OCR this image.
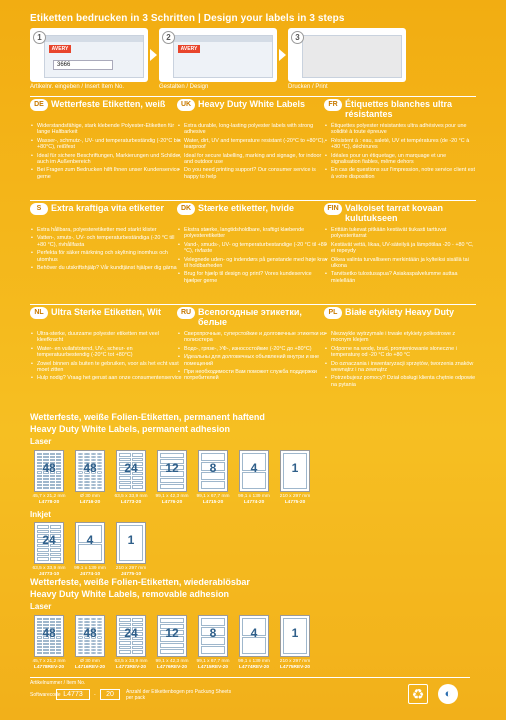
Etiketten bedrucken in 3 Schritten | Design your labels in 3 steps
1
AVERY
3666
2
AVERY
3
Artikelnr. eingeben / Insert Item No.	Gestalten / Design	Drucken / Print
DE Wetterfeste Etiketten, weiß
• Widerstandsfähige, stark klebende Polyester-Etiketten für lange Haltbarkeit
• Wasser-, schmutz-, UV- und temperaturbeständig (-20°C bis +80°C), reißfest
• Ideal für sichere Beschriftungen, Markierungen und Schilder, auch im Außenbereich
• Bei Fragen zum Bedrucken hilft Ihnen unser Kundenservice gerne
UK Heavy Duty White Labels
• Extra durable, long-lasting polyester labels with strong adhesive
• Water, dirt, UV and temperature resistant (-20°C to +80°C), tearproof
• Ideal for secure labelling, marking and signage, for indoor and outdoor use
• Do you need printing support? Our consumer service is happy to help
FR Étiquettes blanches ultra résistantes
• Étiquettes polyester résistantes ultra adhésives pour une solidité à toute épreuve
• Résistent à : eau, saleté, UV et températures (de -20 °C à +80 °C), déchirures
• Idéales pour un étiquetage, un marquage et une signalisation fiables, même dehors
• En cas de questions sur l'impression, notre service client est à votre disposition
S	Extra kraftiga vita etiketter
• Extra hållbara, polyesteretiketter med starkt klister
• Vatten-, smuts-, UV- och temperaturbeständiga (-20 °C till +80 °C), rivhållfasta
• Perfekta för säker märkning och skyltning inomhus och utomhus
• Behöver du utskriftshjälp? Vår kundtjänst hjälper dig gärna
DK Stærke etiketter, hvide
• Ekstra stærke, langtidsholdbare, kraftigt klæbende polyesteretiketter
• Vand-, smuds-, UV- og temperaturbestandige (-20 °C til +80 °C), rivfaste
• Velegnede uden- og indendørs på genstande med høje krav til holdbarheden
• Brug for hjælp til design og print? Vores kundeservice hjælper gerne
FIN Valkoiset tarrat kovaan kulutukseen
• Erittäin tukevat pitkään kestävät tiukasti tarttuvat polyesteritarrat
• Kestävät vettä, likaa, UV-säteilyä ja lämpötilaa -20 - +80 °C, ei repeydy
• Oikea valinta turvalliseen merkintään ja kylteiksi sisällä tai ulkona
• Tarvitsetko tulostusapua? Asiakaspalvelumme auttaa mielellään
NL Ultra Sterke Etiketten, Wit
• Ultra-sterke, duurzame polyester etiketten met veel kleefkracht
• Water- en vuilafstotend, UV-, scheur- en temperatuurbestendig (-20°C tot +80°C)
• Zowel binnen als buiten te gebruiken, voor als het echt vast moet zitten
• Hulp nodig? Vraag het gerust aan onze consumentenservice
RU Всепогодные этикетки, белые
• Сверхпрочные, суперстойкие и долговечные этикетки из полиэстера
• Водо-, грязе-, УФ-, износостойкие (-20°C до +80°C)
• Идеальны для долговечных объявлений внутри и вне помещений
• При необходимости Вам поможет служба поддержки потребителей
PL Białe etykiety Heavy Duty
• Niezwykle wytrzymałe i trwałe etykiety poliestrowe z mocnym klejem
• Odporne na wodę, brud, promieniowanie słoneczne i temperaturę od -20 °C do +80 °C
• Do oznaczania i inwentaryzacji sprzętów, tworzenia znaków wewnątrz i na zewnątrz
• Potrzebujesz pomocy? Dział obsługi klienta chętnie odpowie na pytania
Wetterfeste, weiße Folien-Etiketten, permanent haftend
Heavy Duty White Labels, permanent adhesion
Laser
48
45,7 x 21,2 mm
L4778-20
48
Ø 30 mm
L4716-20
24
63,5 x 33,9 mm
L4773-20
12
99,1 x 42,3 mm
L4776-20
8
99,1 x 67,7 mm
L4715-20
4
99,1 x 139 mm
L4774-20
1
210 x 297 mm
L4775-20
Inkjet
24
63,5 x 33,9 mm
J4773-10
4
99,1 x 139 mm
J4774-10
1
210 x 297 mm
J4775-10
Wetterfeste, weiße Folien-Etiketten, wiederablösbar
Heavy Duty White Labels, removable adhesion
Laser
48
45,7 x 21,2 mm
L4778REV-20
48
Ø 30 mm
L4716REV-20
24
63,5 x 33,9 mm
L4773REV-20
12
99,1 x 42,3 mm
L4776REV-20
8
99,1 x 67,7 mm
L4715REV-20
4
99,1 x 139 mm
L4774REV-20
1
210 x 297 mm
L4775REV-20
Artikelnummer / Item No.
Softwarecode L4773	-	20	Anzahl der Etikettenbogen pro Packung Sheets per pack	♻	◐
